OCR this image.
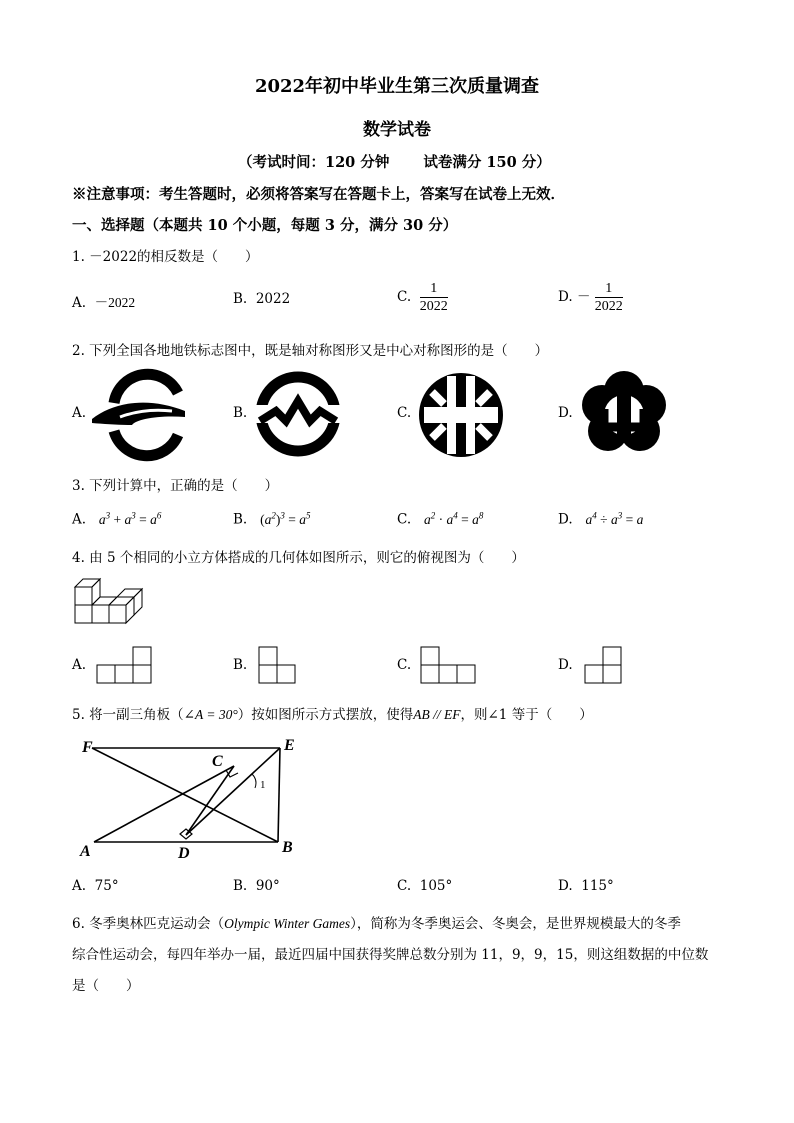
2022年初中毕业生第三次质量调查
数学试卷
（考试时间：120 分钟　　 试卷满分 150 分）
※注意事项：考生答题时，必须将答案写在答题卡上，答案写在试卷上无效．
一、选择题（本题共 10 个小题，每题 3 分，满分 30 分）
1. －2022的相反数是（　　）
A. －2022	B. 2022	C. $\frac{1}{2022}$	D. － $\frac{1}{2022}$
2. 下列全国各地地铁标志图中，既是轴对称图形又是中心对称图形的是（　　）
A.	B.	C.	D.
3. 下列计算中，正确的是（　　）
A. $a^3 + a^3 = a^6$	B. $(a^2)^3 = a^5$	C. $a^2 \cdot a^4 = a^8$	D. $a^4 \div a^3 = a$
4. 由 5 个相同的小立方体搭成的几何体如图所示，则它的俯视图为（　　）
A.	B.	C.	D.
5. 将一副三角板（∠A = 30°）按如图所示方式摆放，使得AB // EF，则∠1 等于（　　）
F	E
C
A	D	B
1
A. 75°	B. 90°	C. 105°	D. 115°
6. 冬季奥林匹克运动会（Olympic Winter Games），简称为冬季奥运会、冬奥会，是世界规模最大的冬季
综合性运动会，每四年举办一届，最近四届中国获得奖牌总数分别为 11，9，9，15，则这组数据的中位数
是（　　）
